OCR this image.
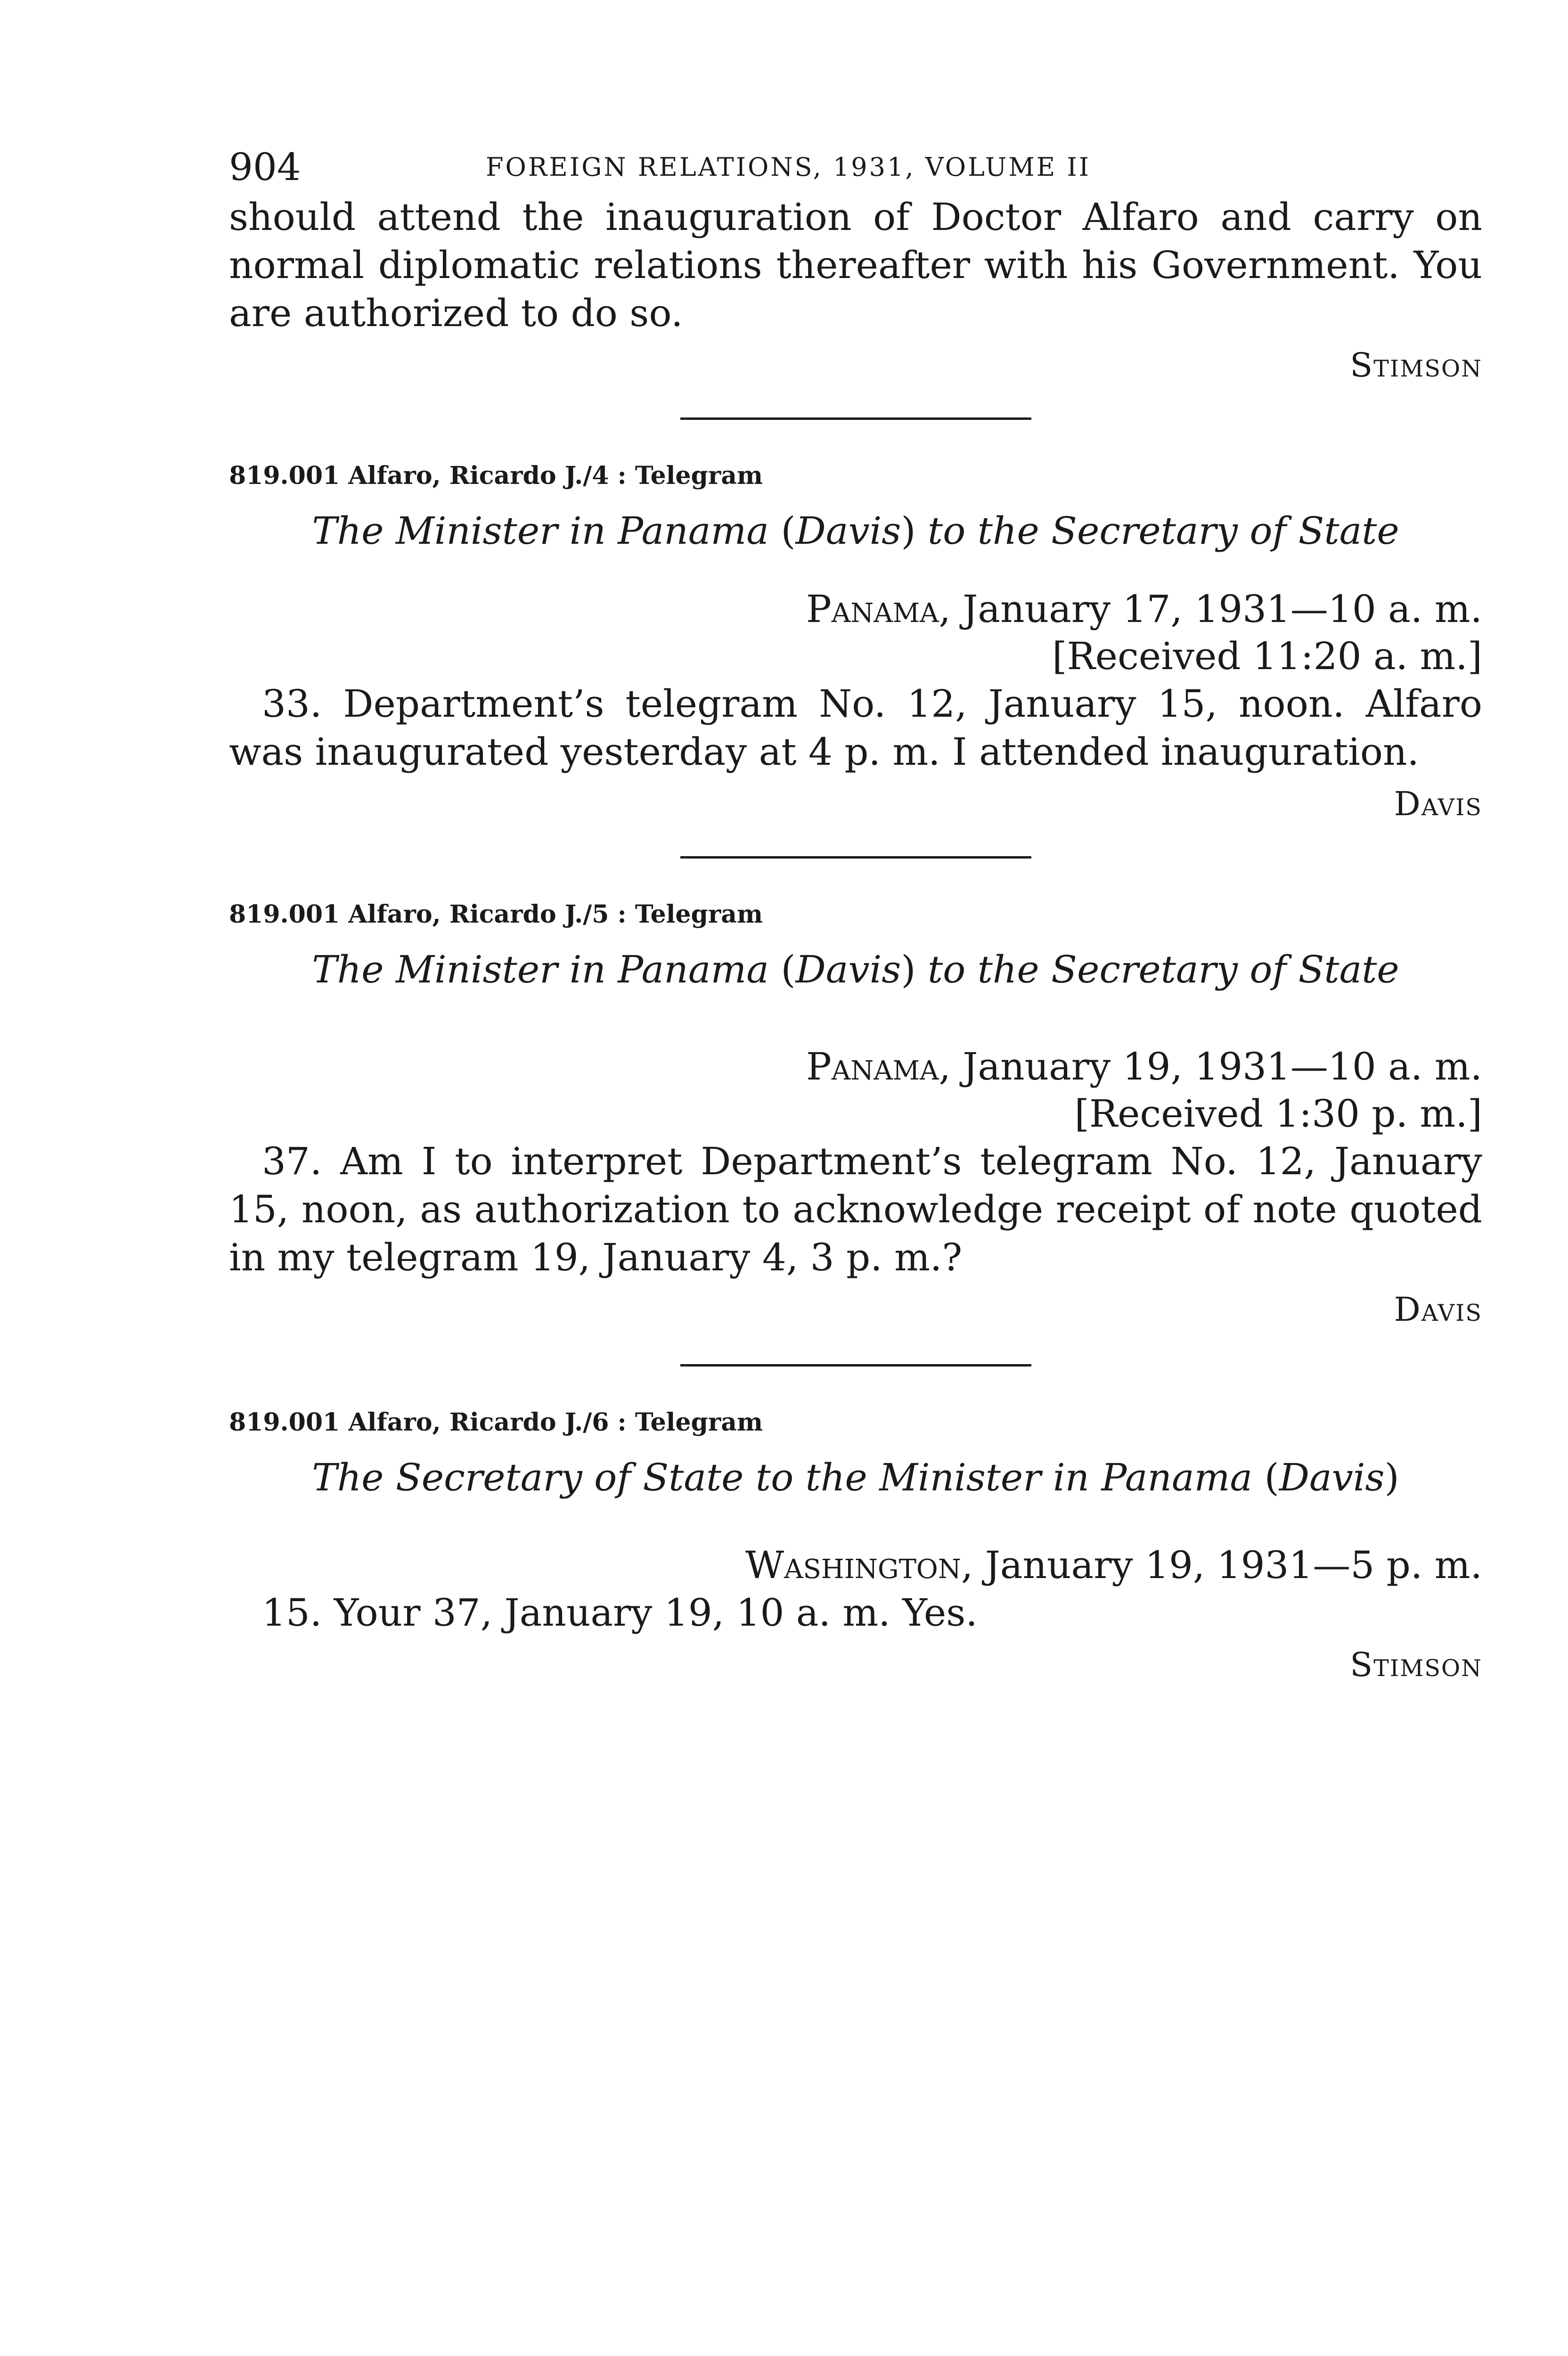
904	FOREIGN RELATIONS, 1931, VOLUME II
should attend the inauguration of Doctor Alfaro and carry on normal diplomatic relations thereafter with his Government. You are authorized to do so.
Stimson
819.001 Alfaro, Ricardo J./4 : Telegram
The Minister in Panama (Davis) to the Secretary of State
Panama, January 17, 1931—10 a. m.
[Received 11:20 a. m.]
33. Department’s telegram No. 12, January 15, noon. Alfaro was inaugurated yesterday at 4 p. m. I attended inauguration.
Davis
819.001 Alfaro, Ricardo J./5 : Telegram
The Minister in Panama (Davis) to the Secretary of State
Panama, January 19, 1931—10 a. m.
[Received 1:30 p. m.]
37. Am I to interpret Department’s telegram No. 12, January 15, noon, as authorization to acknowledge receipt of note quoted in my telegram 19, January 4, 3 p. m.?
Davis
819.001 Alfaro, Ricardo J./6 : Telegram
The Secretary of State to the Minister in Panama (Davis)
Washington, January 19, 1931—5 p. m.
15. Your 37, January 19, 10 a. m. Yes.
Stimson
